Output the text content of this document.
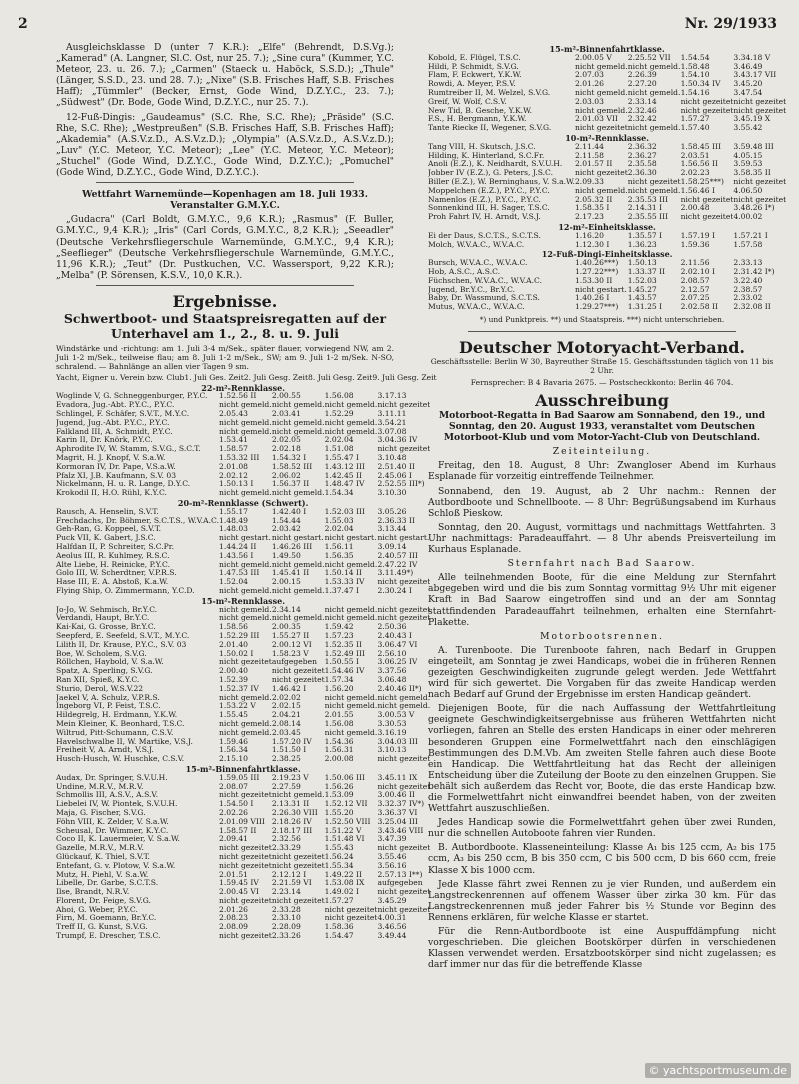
2	Nr. 29/1933

Ausgleichsklasse D (unter 7 K.R.): „Elfe" (Behrendt, D.S.Vg.); „Kamerad" (A. Langner, Sl.C. Ost, nur 25. 7.); „Sine cura" (Kummer, Y.C. Meteor, 23. u. 26. 7.); „Carmen" (Staeck u. Haböck, S.S.D.); „Thule" (Länger, S.S.D., 23. und 28. 7.); „Nixe" (S.B. Frisches Haff, S.B. Frisches Haff); „Tümmler" (Becker, Ernst, Gode Wind, D.Z.Y.C., 23. 7.); „Südwest" (Dr. Bode, Gode Wind, D.Z.Y.C., nur 25. 7.).

12-Fuß-Dingis: „Gaudeamus" (S.C. Rhe, S.C. Rhe); „Präside" (S.C. Rhe, S.C. Rhe); „Westpreußen" (S.B. Frisches Haff, S.B. Frisches Haff); „Akademia" (A.S.V.z.D., A.S.V.z.D.); „Olympia" (A.S.V.z.D., A.S.V.z.D.); „Luv" (Y.C. Meteor, Y.C. Meteor); „Lee" (Y.C. Meteor, Y.C. Meteor); „Stuchel" (Gode Wind, D.Z.Y.C., Gode Wind, D.Z.Y.C.); „Pomuchel" (Gode Wind, D.Z.Y.C., Gode Wind, D.Z.Y.C.).

Wettfahrt Warnemünde—Kopenhagen am 18. Juli 1933. Veranstalter G.M.Y.C.

„Gudacra" (Carl Boldt, G.M.Y.C., 9,6 K.R.); „Rasmus" (F. Buller, G.M.Y.C., 9,4 K.R.); „Iris" (Carl Cords, G.M.Y.C., 8,2 K.R.); „Seeadler" (Deutsche Verkehrsfliegerschule Warnemünde, G.M.Y.C., 9,4 K.R.); „Seeflieger" (Deutsche Verkehrsfliegerschule Warnemünde, G.M.Y.C., 11,96 K.R.); „Teut" (Dr. Pustkuchen, V.C. Wassersport, 9,22 K.R.); „Melba" (P. Sörensen, K.S.V., 10,0 K.R.).

Ergebnisse.
Schwertboot- und Staatspreisregatten auf der Unterhavel am 1., 2., 8. u. 9. Juli

Windstärke und -richtung: am 1. Juli 3-4 m/Sek., später flauer, vorwiegend NW, am 2. Juli 1-2 m/Sek., teilweise flau; am 8. Juli 1-2 m/Sek., SW; am 9. Juli 1-2 m/Sek. N-SO, schralend. — Bahnlänge an allen vier Tagen 9 sm.

Yacht, Eigner u. Verein bzw. Club	1. Juli Ges. Zeit	2. Juli Gesg. Zeit	8. Juli Gesg. Zeit	9. Juli Gesg. Zeit
22-m²-Rennklasse.				
Woglinde V, G. Schneggenburger, P.Y.C.	1.52.56 II	2.00.55	1.56.08	3.17.13
Evadora, Jug.-Abt. P.Y.C., P.Y.C.	nicht gemeld.	nicht gemeld.	nicht gemeld.	nicht gezeitet
Schlingel, F. Schäfer, S.V.T., M.Y.C.	2.05.43	2.03.41	1.52.29	3.11.11
Jugend, Jug.-Abt. P.Y.C., P.Y.C.	nicht gemeld.	nicht gemeld.	nicht gemeld.	3.54.21
Falkland III, A. Schmidt, P.Y.C.	nicht gemeld.	nicht gemeld.	nicht gemeld.	3.07.08
Karin II, Dr. Knörk, P.Y.C.	1.53.41	2.02.05	2.02.04	3.04.36 IV
Aphrodite IV, W. Stamm, S.V.G., S.C.T.	1.58.57	2.02.18	1.51.08	nicht gezeitet
Magrit, H. J. Knopf, V. S.a.W.	1.53.32 III	1.54.32 I	1.55.47 I	3.10.48
Kormoran IV, Dr. Pape, V.S.a.W.	2.01.08	1.58.52 III	1.43.12 III	2.51.40 II
Pfalz XI, J.B. Kaufmann, S.V. 03	2.02.12	2.06.02	1.42.45 II	2.45.06 I
Nickelmann, H. u. R. Lange, D.Y.C.	1.50.13 I	1.56.37 II	1.48.47 IV	2.52.55 III*)
Krokodil II, H.O. Rühl, K.Y.C.	nicht gemeld.	nicht gemeld.	1.54.34	3.10.30
20-m²-Rennklasse (Schwert).				
Rausch, A. Henselin, S.V.T.	1.55.17	1.42.40 I	1.52.03 III	3.05.26
Frechdachs, Dr. Böhmer, S.C.T.S., W.V.A.C.	1.48.49	1.54.44	1.55.03	2.36.33 II
Geh-Ran, G. Koppeel, S.V.T.	1.48.03	2.03.42	2.02.04	3.13.44
Puck VII, K. Gabert, J.S.C.	nicht gestart.	nicht gestart.	nicht gestart.	nicht gestart.
Halfdan II, P. Schreiter, S.C.Pr.	1.44.24 II	1.46.26 III	1.56.11	3.09.14
Aeolus III, R. Kuhlmey, R.S.C.	1.43.56 I	1.49.50	1.56.35	2.40.57 III
Alte Liebe, H. Reinicke, P.Y.C.	nicht gemeld.	nicht gemeld.	nicht gemeld.	2.47.22 IV
Golo III, W. Scherdtner, V.P.R.S.	1.47.53 III	1.45.41 II	1.50.14 II	3.11.49*)
Hase III, E. A. Abstoß, K.a.W.	1.52.04	2.00.15	1.53.33 IV	nicht gezeitet
Flying Ship, O. Zimmermann, Y.C.D.	nicht gemeld.	nicht gemeld.	1.37.47 I	2.30.24 I
15-m²-Rennklasse.				
Jo-Jo, W. Sehmisch, Br.Y.C.	nicht gemeld.	2.34.14	nicht gemeld.	nicht gezeitet
Verdandi, Haupt, Br.Y.C.	nicht gemeld.	nicht gemeld.	nicht gemeld.	nicht gezeitet
Kai-Kai, G. Grosse, Br.Y.C.	1.58.56	2.00.35	1.59.42	2.50.36
Seepferd, E. Seefeld, S.V.T., M.Y.C.	1.52.29 III	1.55.27 II	1.57.23	2.40.43 I
Lilith II, Dr. Krause, P.Y.C., S.V. 03	2.01.40	2.00.12 VI	1.52.35 II	3.06.47 VI
Boe, W. Scholem, S.V.G.	1.50.02 I	1.58.23 V	1.52.49 III	2.56.10
Röllchen, Haybold, V. S.a.W.	nicht gezeitet	aufgegeben	1.50.55 I	3.06.25 IV
Spatz, A. Sperling, S.V.G.	2.00.40	nicht gezeitet	1.54.46 IV	3.37.56
Ran XII, Spieß, K.Y.C.	1.52.39	nicht gezeitet	1.57.34	3.06.48
Sturio, Derol, W.S.V.22	1.52.37 IV	1.46.42 I	1.56.20	2.40.46 II*)
Jaekel V, A. Schulz, V.P.R.S.	nicht gemeld.	2.02.02	nicht gemeld.	nicht gemeld.
Ingeborg VI, P. Feist, T.S.C.	1.53.22 V	2.02.15	nicht gemeld.	nicht gemeld.
Hildegrelg, H. Erdmann, Y.K.W.	1.55.45	2.04.21	2.01.55	3.00.53 V
Mein Kleiner, K. Beonhard, T.S.C.	nicht gemeld.	2.08.14	1.56.08	3.30.53
Wiltrud, Pitt-Schumann, C.S.V.	nicht gemeld.	2.03.45	nicht gemeld.	3.16.19
Havelschwalbe II, W. Martike, V.S.J.	1.59.46	1.57.20 IV	1.54.36	3.04.03 III
Freiheit V, A. Arndt, V.S.J.	1.56.34	1.51.50 I	1.56.31	3.10.13
Husch-Husch, W. Huschke, C.S.V.	2.15.10	2.38.25	2.00.08	nicht gezeitet
15-m²-Binnenfahrtklasse.				
Audax, Dr. Springer, S.V.U.H.	1.59.05 III	2.19.23 V	1.50.06 III	3.45.11 IX
Undine, M.R.V., M.R.V.	2.08.07	2.27.59	1.56.26	nicht gezeitet
Schmollis III, A.S.V., A.S.V.	nicht gezeitet	nicht gemeld.	1.53.09	3.00.46 II
Liebelei IV, W. Piontek, S.V.U.H.	1.54.50 I	2.13.31 II	1.52.12 VII	3.32.37 IV*)
Maja, G. Fischer, S.V.G.	2.02.26	2.26.30 VIII	1.55.20	3.36.37 VI
Föhn VIII, K. Zelder, V. S.a.W.	2.01.09 VIII	2.18.26 IV	1.52.50 VIII	3.25.04 III
Scheusal, Dr. Wimmer, K.Y.C.	1.58.57 II	2.18.17 III	1.51.22 V	3.43.46 VIII
Coco II, K. Lauermeier, V. S.a.W.	2.09.41	2.32.56	1.51.48 VI	3.47.39
Gazelle, M.R.V., M.R.V.	nicht gezeitet	2.33.29	1.55.43	nicht gezeitet
Glückauf, K. Thiel, S.V.T.	nicht gezeitet	nicht gezeitet	1.56.24	3.55.46
Entefant, G. v. Plotow, V. S.a.W.	nicht gezeitet	nicht gezeitet	1.55.34	3.56.16
Mutz, H. Piehl, V. S.a.W.	2.01.51	2.12.12 I	1.49.22 II	2.57.13 I**)
Libelle, Dr. Garbe, S.C.T.S.	1.59.45 IV	2.21.59 VI	1.53.08 IX	aufgegeben
Ilse, Brandt, N.R.V.	2.00.45 VI	2.23.14	1.49.02 I	nicht gezeitet
Florent, Dr. Feige, S.V.G.	nicht gezeitet	nicht gezeitet	1.57.27	3.45.29
Ahoi, G. Weber, P.Y.C.	2.01.26	2.33.28	nicht gezeitet	nicht gezeitet
Firn, M. Goemann, Br.Y.C.	2.08.23	2.33.10	nicht gezeitet	4.00.31
Treff II, G. Kunst, S.V.G.	2.08.09	2.28.09	1.58.36	3.46.56
Trumpf, E. Drescher, T.S.C.	nicht gezeitet	2.33.26	1.54.47	3.49.44
15-m²-Binnenfahrtklasse.				
Kobold, E. Flügel, T.S.C.	2.00.05 V	2.25.52 VII	1.54.54	3.34.18 V
Hildi, P. Schmidt, S.V.G.	nicht gemeld.	nicht gemeld.	1.58.48	3.46.49
Flam, F. Eckwert, Y.K.W.	2.07.03	2.26.39	1.54.10	3.43.17 VII
Rowdi, A. Meyer, P.S.V.	2.01.26	2.27.20	1.50.34 IV	3.45.20
Rumtreiber II, M. Welzel, S.V.G.	nicht gemeld.	nicht gemeld.	1.54.16	3.47.54
Greif, W. Wolf, C.S.V.	2.03.03	2.33.14	nicht gezeitet	nicht gezeitet
New Tid, B. Gesche, Y.K.W.	nicht gemeld.	2.32.46	nicht gezeitet	nicht gezeitet
F.S., H. Bergmann, Y.K.W.	2.01.03 VII	2.32.42	1.57.27	3.45.19 X
Tante Riecke II, Wegener, S.V.G.	nicht gezeitet	nicht gemeld.	1.57.40	3.55.42
10-m²-Rennklasse.				
Tang VIII, H. Skutsch, J.S.C.	2.11.44	2.36.32	1.58.45 III	3.59.48 III
Hilding, K. Hinterland, S.C.Fr.	2.11.58	2.36.27	2.03.51	4.05.15
Anoli (E.Z.), K. Neidhardt, S.V.U.H.	2.01.57 II	2.35.58	1.56.56 II	3.59.53
Jobber IV (E.Z.), G. Peters, J.S.C.	nicht gezeitet	2.36.30	2.02.23	3.58.35 II
Biller (E.Z.), W. Berninghaus, V. S.a.W.	2.09.33	nicht gezeitet	1.58.25***)	nicht gezeitet
Moppelchen (E.Z.), P.Y.C., P.Y.C.	nicht gemeld.	nicht gemeld.	1.56.46 I	4.06.50
Namenlos (E.Z.), P.Y.C., P.Y.C.	2.05.32 II	2.35.53 III	nicht gezeitet	nicht gezeitet
Sonnenkind III, H. Sager, T.S.C.	1.58.35 I	2.14.31 I	2.00.48	3.48.26 I*)
Proh Fahrt IV, H. Arndt, V.S.J.	2.17.23	2.35.55 III	nicht gezeitet	4.00.02
12-m²-Einheitsklasse.				
Ei der Daus, S.C.T.S., S.C.T.S.	1.16.20	1.35.57 I	1.57.19 I	1.57.21 I
Molch, W.V.A.C., W.V.A.C.	1.12.30 I	1.36.23	1.59.36	1.57.58
12-Fuß-Dingi-Einheitsklasse.				
Bursch, W.V.A.C., W.V.A.C.	1.40.26***)	1.50.13	2.11.56	2.33.13
Hob, A.S.C., A.S.C.	1.27.22***)	1.33.37 II	2.02.10 I	2.31.42 I*)
Füchschen, W.V.A.C., W.V.A.C.	1.53.30 II	1.52.03	2.08.57	3.22.40
Jugend, Br.Y.C., Br.Y.C.	nicht gestart.	1.45.27	2.12.57	2.38.57
Baby, Dr. Wassmund, S.C.T.S.	1.40.26 I	1.43.57	2.07.25	2.33.02
Mutus, W.V.A.C., W.V.A.C.	1.29.27***)	1.31.25 I	2.02.58 II	2.32.08 II
*) und Punktpreis. **) und Staatspreis. ***) nicht unterschrieben.
Deutscher Motoryacht-Verband.

Geschäftsstelle: Berlin W 30, Bayreuther Straße 15. Geschäftsstunden täglich von 11 bis 2 Uhr.

Fernsprecher: B 4 Bavaria 2675. — Postscheckkonto: Berlin 46 704.

Ausschreibung

Motorboot-Regatta in Bad Saarow am Sonnabend, den 19., und Sonntag, den 20. August 1933, veranstaltet vom Deutschen Motorboot-Klub und vom Motor-Yacht-Club von Deutschland.

Zeiteinteilung.

Freitag, den 18. August, 8 Uhr: Zwangloser Abend im Kurhaus Esplanade für vorzeitig eintreffende Teilnehmer.

Sonnabend, den 19. August, ab 2 Uhr nachm.: Rennen der Autbordboote und Schnellboote. — 8 Uhr: Begrüßungsabend im Kurhaus Schloß Pieskow.

Sonntag, den 20. August, vormittags und nachmittags Wettfahrten. 3 Uhr nachmittags: Paradeauffahrt. — 8 Uhr abends Preisverteilung im Kurhaus Esplanade.

Sternfahrt nach Bad Saarow.

Alle teilnehmenden Boote, für die eine Meldung zur Sternfahrt abgegeben wird und die bis zum Sonntag vormittag 9½ Uhr mit eigener Kraft in Bad Saarow eingetroffen sind und an der am Sonntag stattfindenden Paradeauffahrt teilnehmen, erhalten eine Sternfahrt-Plakette.

Motorbootsrennen.

A. Turenboote. Die Turenboote fahren, nach Bedarf in Gruppen eingeteilt, am Sonntag je zwei Handicaps, wobei die in früheren Rennen gezeigten Geschwindigkeiten zugrunde gelegt werden. Jede Wettfahrt wird für sich gewertet. Die Vorgaben für das zweite Handicap werden nach Bedarf auf Grund der Ergebnisse im ersten Handicap geändert.

Diejenigen Boote, für die nach Auffassung der Wettfahrtleitung geeignete Geschwindigkeitsergebnisse aus früheren Wettfahrten nicht vorliegen, fahren an Stelle des ersten Handicaps in einer oder mehreren besonderen Gruppen eine Formelwettfahrt nach den einschlägigen Bestimmungen des D.M.Vb. Am zweiten Stelle fahren auch diese Boote ein Handicap. Die Wettfahrtleitung hat das Recht der alleinigen Entscheidung über die Zuteilung der Boote zu den einzelnen Gruppen. Sie behält sich außerdem das Recht vor, Boote, die das erste Handicap bzw. die Formelwettfahrt nicht einwandfrei beendet haben, von der zweiten Wettfahrt auszuschließen.

Jedes Handicap sowie die Formelwettfahrt gehen über zwei Runden, nur die schnellen Autoboote fahren vier Runden.

B. Autbordboote. Klasseneinteilung: Klasse A₁ bis 125 ccm, A₂ bis 175 ccm, A₃ bis 250 ccm, B bis 350 ccm, C bis 500 ccm, D bis 660 ccm, freie Klasse X bis 1000 ccm.

Jede Klasse fährt zwei Rennen zu je vier Runden, und außerdem ein Langstreckenrennen auf offenem Wasser über zirka 30 km. Für das Langstreckenrennen muß jeder Fahrer bis ½ Stunde vor Beginn des Rennens erklären, für welche Klasse er startet.

Für die Renn-Autbordboote ist eine Auspuffdämpfung nicht vorgeschrieben. Die gleichen Bootskörper dürfen in verschiedenen Klassen verwendet werden. Ersatzbootskörper sind nicht zugelassen; es darf immer nur das für die betreffende Klasse

© yachtsportmuseum.de
